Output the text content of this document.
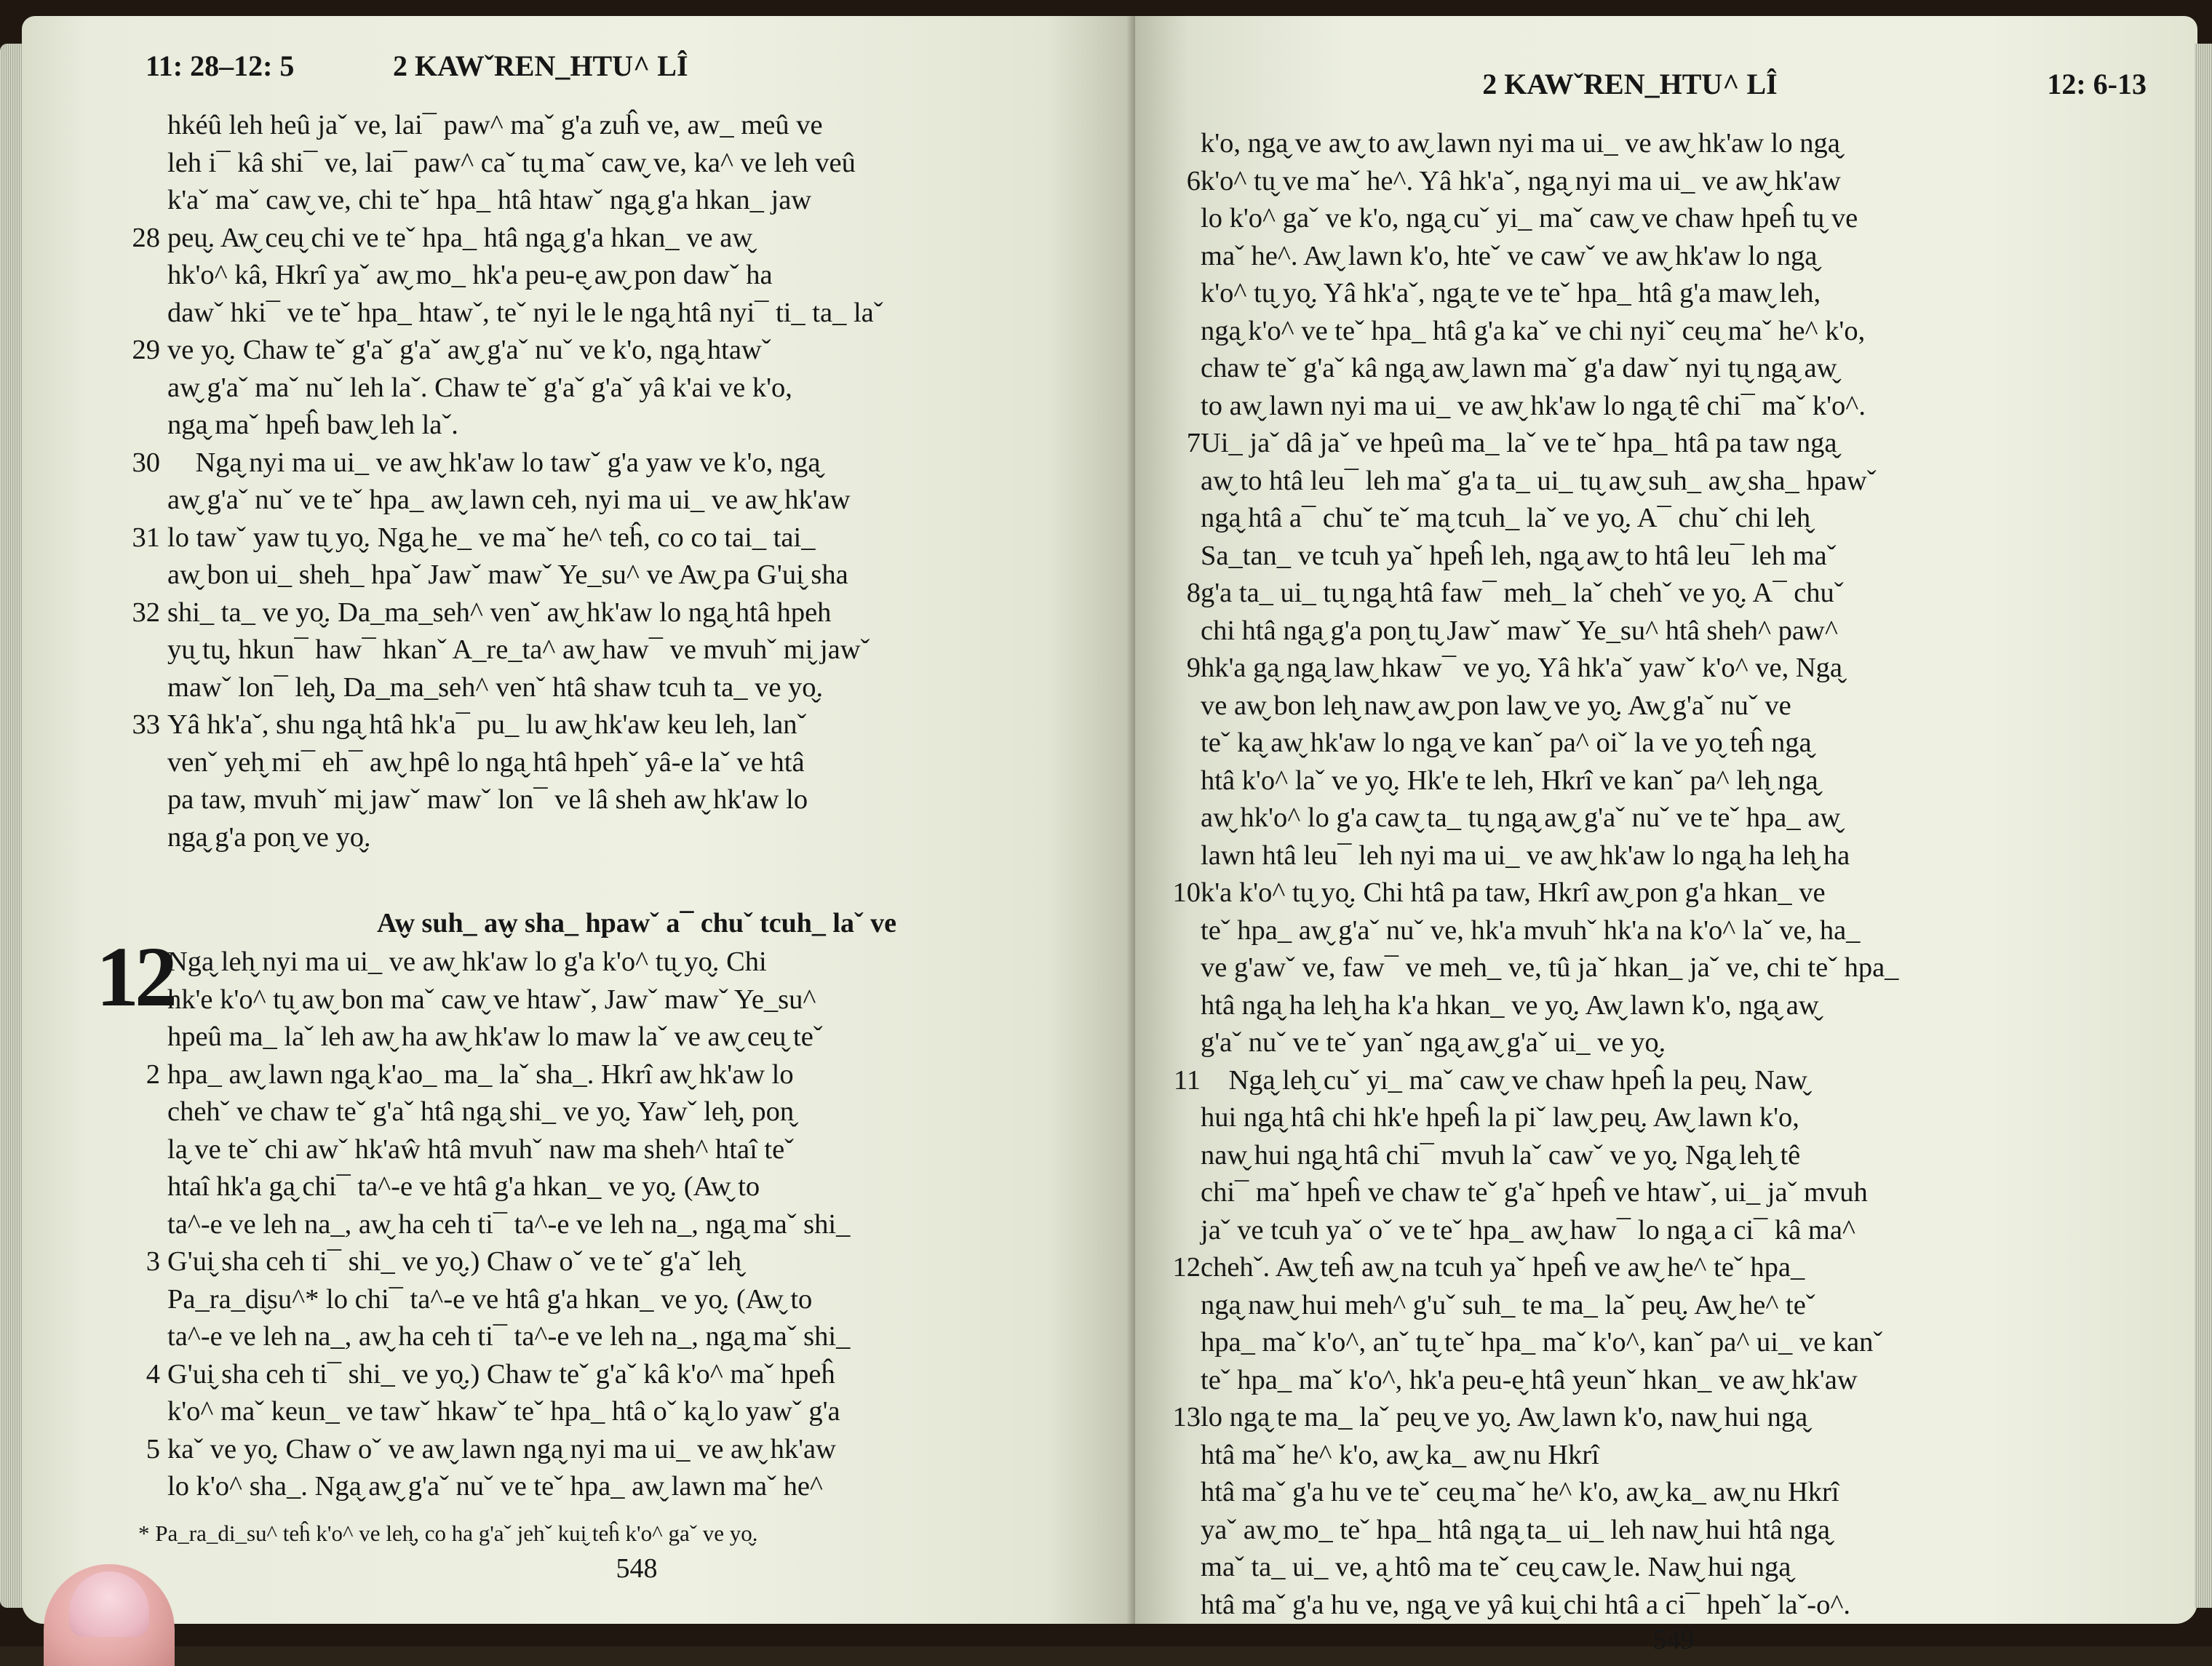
11: 28–12: 5	2 KAWˇREN_HTU^ LÎ
hkéû leh heû jaˇ ve, lai¯ paw^ maˇ g'a zuĥ ve, aw_ meû ve
leh i¯ kâ shi¯ ve, lai¯ paw^ caˇ tu̬ maˇ caw̬ ve, ka^ ve leh veû
k'aˇ maˇ caw̬ ve, chi teˇ hpa_ htâ htawˇ nga̬ g'a hkan_ jaw
28 peu̬. Aw̬ ceu̬ chi ve teˇ hpa_ htâ nga̬ g'a hkan_ ve aw̬
hk'o^ kâ, Hkrî yaˇ aw̬ mo_ hk'a peu-e̬ aw̬ pon dawˇ ha
dawˇ hki¯ ve teˇ hpa_ htawˇ, teˇ nyi le le nga̬ htâ nyi¯ ti_ ta_ laˇ
29 ve yo̬. Chaw teˇ g'aˇ g'aˇ aw̬ g'aˇ nuˇ ve k'o, nga̬ htawˇ
aw̬ g'aˇ maˇ nuˇ leh laˇ. Chaw teˇ g'aˇ g'aˇ yâ k'ai ve k'o,
nga̬ maˇ hpeĥ baw̬ leh laˇ.
30  Nga̬ nyi ma ui_ ve aw̬ hk'aw lo tawˇ g'a yaw ve k'o, nga̬
aw̬ g'aˇ nuˇ ve teˇ hpa_ aw̬ lawn ceh, nyi ma ui_ ve aw̬ hk'aw
31 lo tawˇ yaw tu̬ yo̬. Nga̬ he_ ve maˇ he^ teĥ, co co tai_ tai_
aw̬ bon ui_ sheh_ hpaˇ Jawˇ mawˇ Ye_su^ ve Aw̬ pa G'ui̬ sha
32 shi_ ta_ ve yo̬. Da_ma_seh^ venˇ aw̬ hk'aw lo nga̬ htâ hpeh
yu̬ tu̬, hkun¯ haw¯ hkanˇ A_re_ta^ aw̬ haw¯ ve mvuhˇ mi̬ jawˇ
mawˇ lon¯ leh̬, Da_ma_seh^ venˇ htâ shaw tcuh ta_ ve yo̬.
33 Yâ hk'aˇ, shu nga̬ htâ hk'a¯ pu_ lu aw̬ hk'aw keu leh, lanˇ
venˇ yeh̬ mi¯ eh¯ aw̬ hpê lo nga̬ htâ hpehˇ yâ-e laˇ ve htâ
pa taw, mvuhˇ mi̬ jawˇ mawˇ lon¯ ve lâ sheh aw̬ hk'aw lo
nga̬ g'a pon̬ ve yo̬.
Aw̬ suh_ aw̬ sha_ hpawˇ a¯ chuˇ tcuh_ laˇ ve
12
Nga̬ leh̬ nyi ma ui_ ve aw̬ hk'aw lo g'a k'o^ tu̬ yo̬. Chi
hk'e k'o^ tu̬ aw̬ bon maˇ caw̬ ve htawˇ, Jawˇ mawˇ Ye_su^
hpeû ma_ laˇ leh aw̬ ha aw̬ hk'aw lo maw laˇ ve aw̬ ceu̬ teˇ
2 hpa_ aw̬ lawn nga̬ k'ao_ ma_ laˇ sha_. Hkrî aw̬ hk'aw lo
chehˇ ve chaw teˇ g'aˇ htâ nga̬ shi_ ve yo̬. Yawˇ leh̬, pon̬
la̬ ve teˇ chi awˇ hk'aŵ htâ mvuhˇ naw ma sheh^ htaî teˇ
htaî hk'a ga̬ chi¯ ta^-e ve htâ g'a hkan_ ve yo̬. (Aw̬ to
ta^-e ve leh na_, aw̬ ha ceh ti¯ ta^-e ve leh na_, nga̬ maˇ shi_
3 G'ui̬ sha ceh ti¯ shi_ ve yo̬.) Chaw oˇ ve teˇ g'aˇ leh̬
Pa_ra_di̬su^* lo chi¯ ta^-e ve htâ g'a hkan_ ve yo̬. (Aw̬ to
ta^-e ve leh na_, aw̬ ha ceh ti¯ ta^-e ve leh na_, nga̬ maˇ shi_
4 G'ui̬ sha ceh ti¯ shi_ ve yo̬.) Chaw teˇ g'aˇ kâ k'o^ maˇ hpeĥ
k'o^ maˇ keun_ ve tawˇ hkawˇ teˇ hpa_ htâ oˇ ka̬ lo yawˇ g'a
5 kaˇ ve yo̬. Chaw oˇ ve aw̬ lawn nga̬ nyi ma ui_ ve aw̬ hk'aw
lo k'o^ sha_. Nga̬ aw̬ g'aˇ nuˇ ve teˇ hpa_ aw̬ lawn maˇ he^
* Pa_ra_di_su^ teĥ k'o^ ve leh̬, co ha g'aˇ jehˇ kui̬ teĥ k'o^ gaˇ ve yo̬.
548
2 KAWˇREN_HTU^ LÎ	12: 6-13
k'o, nga̬ ve aw̬ to aw̬ lawn nyi ma ui_ ve aw̬ hk'aw lo nga̬
6 k'o^ tu̬ ve maˇ he^. Yâ hk'aˇ, nga̬ nyi ma ui_ ve aw̬ hk'aw
lo k'o^ gaˇ ve k'o, nga̬ cuˇ yi_ maˇ caw̬ ve chaw hpeĥ tu̬ ve
maˇ he^. Aw̬ lawn k'o, hteˇ ve cawˇ ve aw̬ hk'aw lo nga̬
k'o^ tu̬ yo̬. Yâ hk'aˇ, nga̬ te ve teˇ hpa_ htâ g'a maw̬ leh,
nga̬ k'o^ ve teˇ hpa_ htâ g'a kaˇ ve chi nyiˇ ceu̬ maˇ he^ k'o,
chaw teˇ g'aˇ kâ nga̬ aw̬ lawn maˇ g'a dawˇ nyi tu̬ nga̬ aw̬
to aw̬ lawn nyi ma ui_ ve aw̬ hk'aw lo nga̬ tê chi¯ maˇ k'o^.
7 Ui_ jaˇ dâ jaˇ ve hpeû ma_ laˇ ve teˇ hpa_ htâ pa taw nga̬
aw̬ to htâ leu¯ leh maˇ g'a ta_ ui_ tu̬ aw̬ suh_ aw̬ sha_ hpawˇ
nga̬ htâ a¯ chuˇ teˇ ma̬ tcuh_ laˇ ve yo̬. A¯ chuˇ chi leh̬
Sa_tan_ ve tcuh yaˇ hpeĥ leh, nga̬ aw̬ to htâ leu¯ leh maˇ
8 g'a ta_ ui_ tu̬ nga̬ htâ faw¯ meh_ laˇ chehˇ ve yo̬. A¯ chuˇ
chi htâ nga̬ g'a pon̬ tu̬ Jawˇ mawˇ Ye_su^ htâ sheh^ paw^
9 hk'a ga̬ nga̬ law̬ hkaw¯ ve yo̬. Yâ hk'aˇ yawˇ k'o^ ve, Nga̬
ve aw̬ bon leh̬ naw̬ aw̬ pon law̬ ve yo̬. Aw̬ g'aˇ nuˇ ve
teˇ ka̬ aw̬ hk'aw lo nga̬ ve kanˇ pa^ oiˇ la ve yo̬ teĥ nga̬
htâ k'o^ laˇ ve yo̬. Hk'e te leh, Hkrî ve kanˇ pa^ leh̬ nga̬
aw̬ hk'o^ lo g'a caw̬ ta_ tu̬ nga̬ aw̬ g'aˇ nuˇ ve teˇ hpa_ aw̬
lawn htâ leu¯ leh nyi ma ui_ ve aw̬ hk'aw lo nga̬ ha leh̬ ha
10 k'a k'o^ tu̬ yo̬. Chi htâ pa taw, Hkrî aw̬ pon g'a hkan_ ve
teˇ hpa_ aw̬ g'aˇ nuˇ ve, hk'a mvuhˇ hk'a na k'o^ laˇ ve, ha_
ve g'awˇ ve, faw¯ ve meh_ ve, tû jaˇ hkan_ jaˇ ve, chi teˇ hpa_
htâ nga̬ ha leh̬ ha k'a hkan_ ve yo̬. Aw̬ lawn k'o, nga̬ aw̬
g'aˇ nuˇ ve teˇ yanˇ nga̬ aw̬ g'aˇ ui_ ve yo̬.
11  Nga̬ leh̬ cuˇ yi_ maˇ caw̬ ve chaw hpeĥ la peu̬. Naw̬
hui nga̬ htâ chi hk'e hpeĥ la piˇ law̬ peu̬. Aw̬ lawn k'o,
naw̬ hui nga̬ htâ chi¯ mvuh laˇ cawˇ ve yo̬. Nga̬ leh̬ tê
chi¯ maˇ hpeĥ ve chaw teˇ g'aˇ hpeĥ ve htawˇ, ui_ jaˇ mvuh
jaˇ ve tcuh yaˇ oˇ ve teˇ hpa_ aw̬ haw¯ lo nga̬ a ci¯ kâ ma^
12 chehˇ. Aw̬ teĥ aw̬ na tcuh yaˇ hpeĥ ve aw̬ he^ teˇ hpa_
nga̬ naw̬ hui meh^ g'uˇ suh_ te ma_ laˇ peu̬. Aw̬ he^ teˇ
hpa_ maˇ k'o^, anˇ tu̬ teˇ hpa_ maˇ k'o^, kanˇ pa^ ui_ ve kanˇ
teˇ hpa_ maˇ k'o^, hk'a peu-e̬ htâ yeunˇ hkan_ ve aw̬ hk'aw
13 lo nga̬ te ma_ laˇ peu̬ ve yo̬. Aw̬ lawn k'o, naw̬ hui nga̬
htâ maˇ he^ k'o, aw̬ ka_ aw̬ nu Hkrî
htâ maˇ g'a hu ve teˇ ceu̬ maˇ he^ k'o, aw̬ ka_ aw̬ nu Hkrî
yaˇ aw̬ mo_ teˇ hpa_ htâ nga̬ ta_ ui_ leh naw̬ hui htâ nga̬
maˇ ta_ ui_ ve, a̬ htô ma teˇ ceu̬ caw̬ le. Naw̬ hui nga̬
htâ maˇ g'a hu ve, nga̬ ve yâ kui̬ chi htâ a ci¯ hpehˇ laˇ-o^.
549
